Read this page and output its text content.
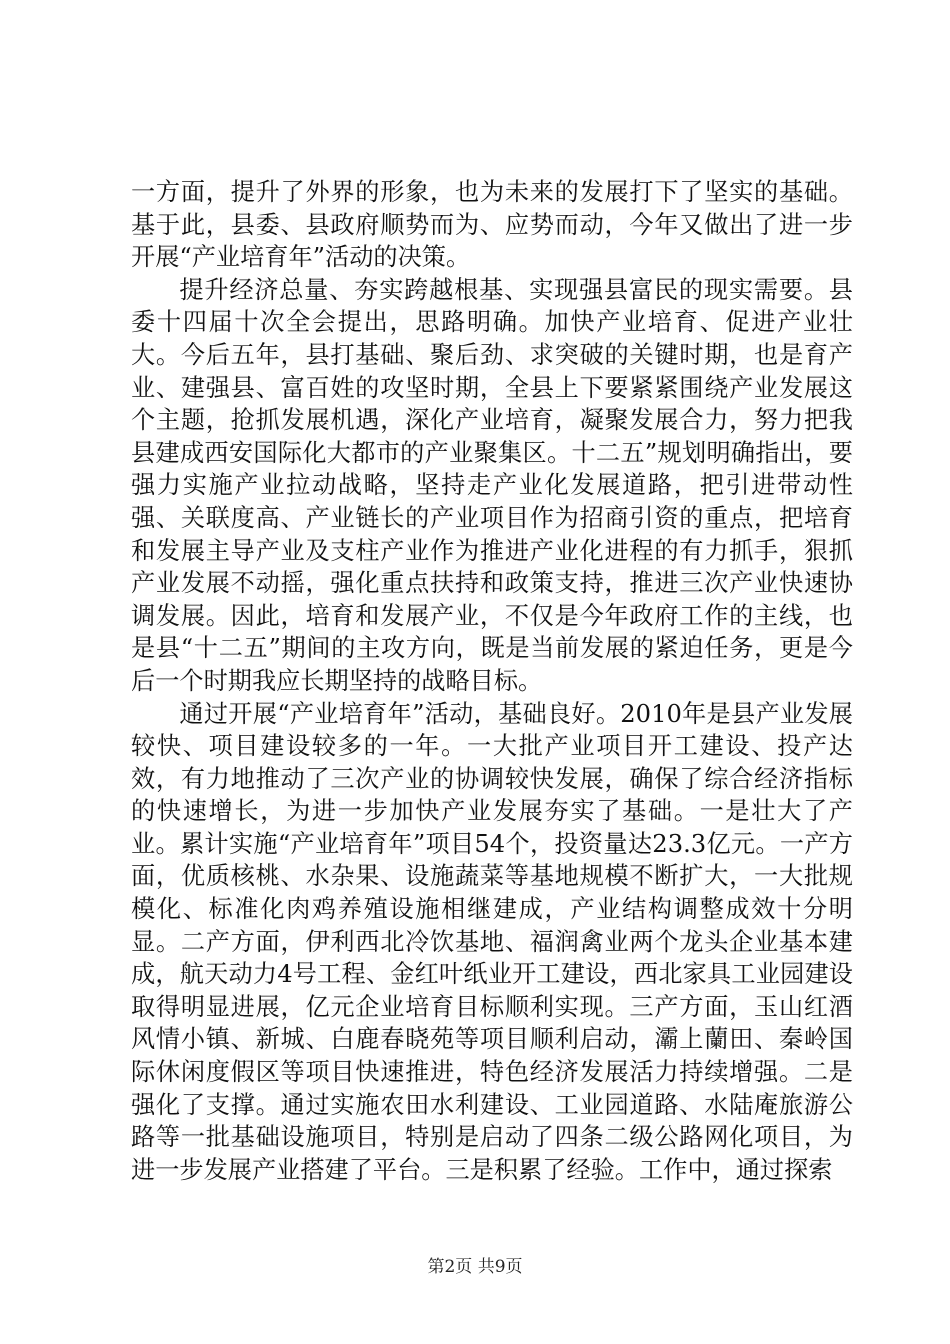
一方面，提升了外界的形象，也为未来的发展打下了坚实的基础。基于此，县委、县政府顺势而为、应势而动，今年又做出了进一步开展“产业培育年”活动的决策。

提升经济总量、夯实跨越根基、实现强县富民的现实需要。县委十四届十次全会提出，思路明确。加快产业培育、促进产业壮大。今后五年，县打基础、聚后劲、求突破的关键时期，也是育产业、建强县、富百姓的攻坚时期，全县上下要紧紧围绕产业发展这个主题，抢抓发展机遇，深化产业培育，凝聚发展合力，努力把我县建成西安国际化大都市的产业聚集区。十二五”规划明确指出，要强力实施产业拉动战略，坚持走产业化发展道路，把引进带动性强、关联度高、产业链长的产业项目作为招商引资的重点，把培育和发展主导产业及支柱产业作为推进产业化进程的有力抓手，狠抓产业发展不动摇，强化重点扶持和政策支持，推进三次产业快速协调发展。因此，培育和发展产业，不仅是今年政府工作的主线，也是县“十二五”期间的主攻方向，既是当前发展的紧迫任务，更是今后一个时期我应长期坚持的战略目标。

通过开展“产业培育年”活动，基础良好。2010年是县产业发展较快、项目建设较多的一年。一大批产业项目开工建设、投产达效，有力地推动了三次产业的协调较快发展，确保了综合经济指标的快速增长，为进一步加快产业发展夯实了基础。一是壮大了产业。累计实施“产业培育年”项目54个，投资量达23.3亿元。一产方面，优质核桃、水杂果、设施蔬菜等基地规模不断扩大，一大批规模化、标准化肉鸡养殖设施相继建成，产业结构调整成效十分明显。二产方面，伊利西北冷饮基地、福润禽业两个龙头企业基本建成，航天动力4号工程、金红叶纸业开工建设，西北家具工业园建设取得明显进展，亿元企业培育目标顺利实现。三产方面，玉山红酒风情小镇、新城、白鹿春晓苑等项目顺利启动，灞上蘭田、秦岭国际休闲度假区等项目快速推进，特色经济发展活力持续增强。二是强化了支撑。通过实施农田水利建设、工业园道路、水陆庵旅游公路等一批基础设施项目，特别是启动了四条二级公路网化项目，为进一步发展产业搭建了平台。三是积累了经验。工作中，通过探索

第2页 共9页
